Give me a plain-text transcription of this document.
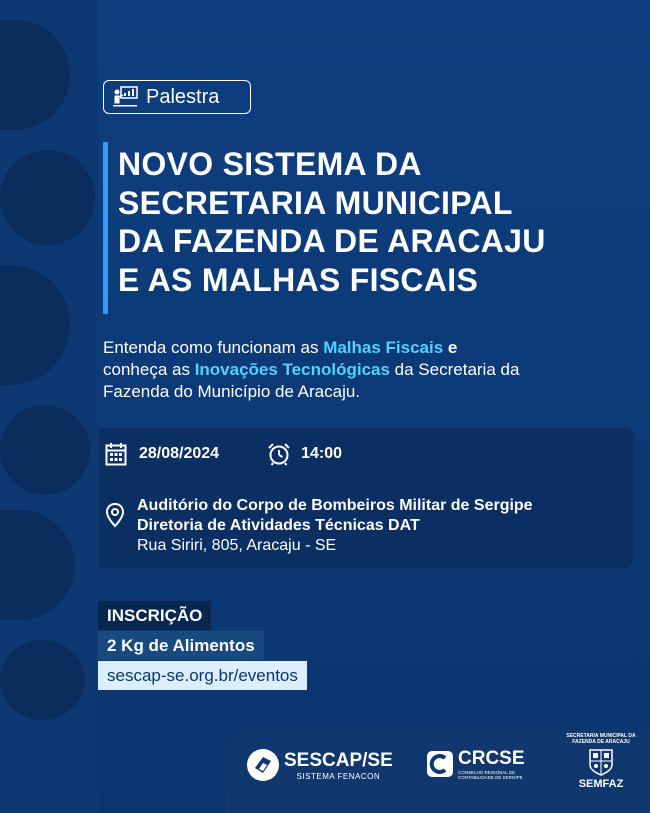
Palestra
NOVO SISTEMA DA
SECRETARIA MUNICIPAL
DA FAZENDA DE ARACAJU
E AS MALHAS FISCAIS
Entenda como funcionam as Malhas Fiscais e
conheça as Inovações Tecnológicas da Secretaria da
Fazenda do Município de Aracaju.
28/08/2024	14:00
Auditório do Corpo de Bombeiros Militar de Sergipe
Diretoria de Atividades Técnicas DAT
Rua Siriri, 805, Aracaju - SE
INSCRIÇÃO
2 Kg de Alimentos
sescap-se.org.br/eventos
SESCAP/SE
SISTEMA FENACON
CRCSE
CONSELHO REGIONAL DE CONTABILIDADE DE SERGIPE
SECRETARIA MUNICIPAL DA FAZENDA DE ARACAJU
SEMFAZ
